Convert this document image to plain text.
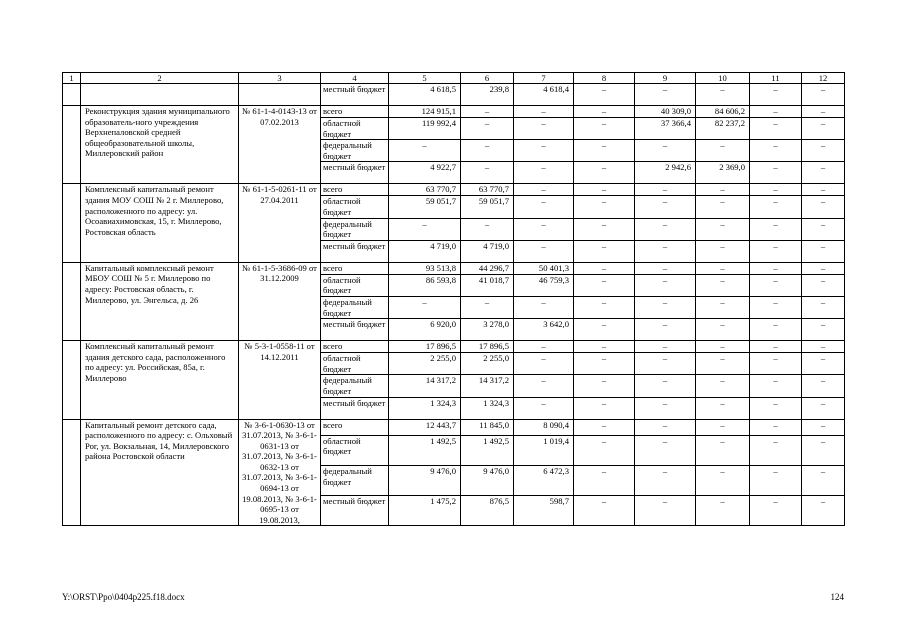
1	2	3	4	5	6	7	8	9	10	11	12
			местный бюджет	4 618,5	239,8	4 618,4	–	–	–	–	–
	Реконструкция здания муниципального образователь-ного учреждения Верхнепаловской средней общеобразовательной школы, Миллеровский район	№ 61-1-4-0143-13 от 07.02.2013	всего	124 915,1	–	–	–	40 309,0	84 606,2	–	–
			областной бюджет	119 992,4	–	–	–	37 366,4	82 237,2	–	–
			федеральный бюджет	–	–	–	–	–	–	–	–
			местный бюджет	4 922,7	–	–	–	2 942,6	2 369,0	–	–
	Комплексный капитальный ремонт здания МОУ СОШ № 2 г. Миллерово, расположенного по адресу: ул. Осоавиахимовская, 15, г. Миллерово, Ростовская область	№ 61-1-5-0261-11 от 27.04.2011	всего	63 770,7	63 770,7	–	–	–	–	–	–
			областной бюджет	59 051,7	59 051,7	–	–	–	–	–	–
			федеральный бюджет	–	–	–	–	–	–	–	–
			местный бюджет	4 719,0	4 719,0	–	–	–	–	–	–
	Капитальный комплексный ремонт МБОУ СОШ № 5 г. Миллерово по адресу: Ростовская область, г. Миллерово, ул. Энгельса, д. 26	№ 61-1-5-3686-09 от 31.12.2009	всего	93 513,8	44 296,7	50 401,3	–	–	–	–	–
			областной бюджет	86 593,8	41 018,7	46 759,3	–	–	–	–	–
			федеральный бюджет	–	–	–	–	–	–	–	–
			местный бюджет	6 920,0	3 278,0	3 642,0	–	–	–	–	–
	Комплексный капитальный ремонт здания детского сада, расположенного по адресу: ул. Российская, 85а, г. Миллерово	№ 5-3-1-0558-11 от 14.12.2011	всего	17 896,5	17 896,5	–	–	–	–	–	–
			областной бюджет	2 255,0	2 255,0	–	–	–	–	–	–
			федеральный бюджет	14 317,2	14 317,2	–	–	–	–	–	–
			местный бюджет	1 324,3	1 324,3	–	–	–	–	–	–
	Капитальный ремонт детского сада, расположенного по адресу: с. Ольховый Рог, ул. Вокзальная, 14, Миллеровского района Ростовской области	№ 3-6-1-0630-13 от 31.07.2013, № 3-6-1-0631-13 от 31.07.2013, № 3-6-1-0632-13 от 31.07.2013, № 3-6-1-0694-13 от 19.08.2013, № 3-6-1-0695-13 от 19.08.2013,	всего	12 443,7	11 845,0	8 090,4	–	–	–	–	–
			областной бюджет	1 492,5	1 492,5	1 019,4	–	–	–	–	–
			федеральный бюджет	9 476,0	9 476,0	6 472,3	–	–	–	–	–
			местный бюджет	1 475,2	876,5	598,7	–	–	–	–	–
Y:\ORST\Ppo\0404p225.f18.docx	124
